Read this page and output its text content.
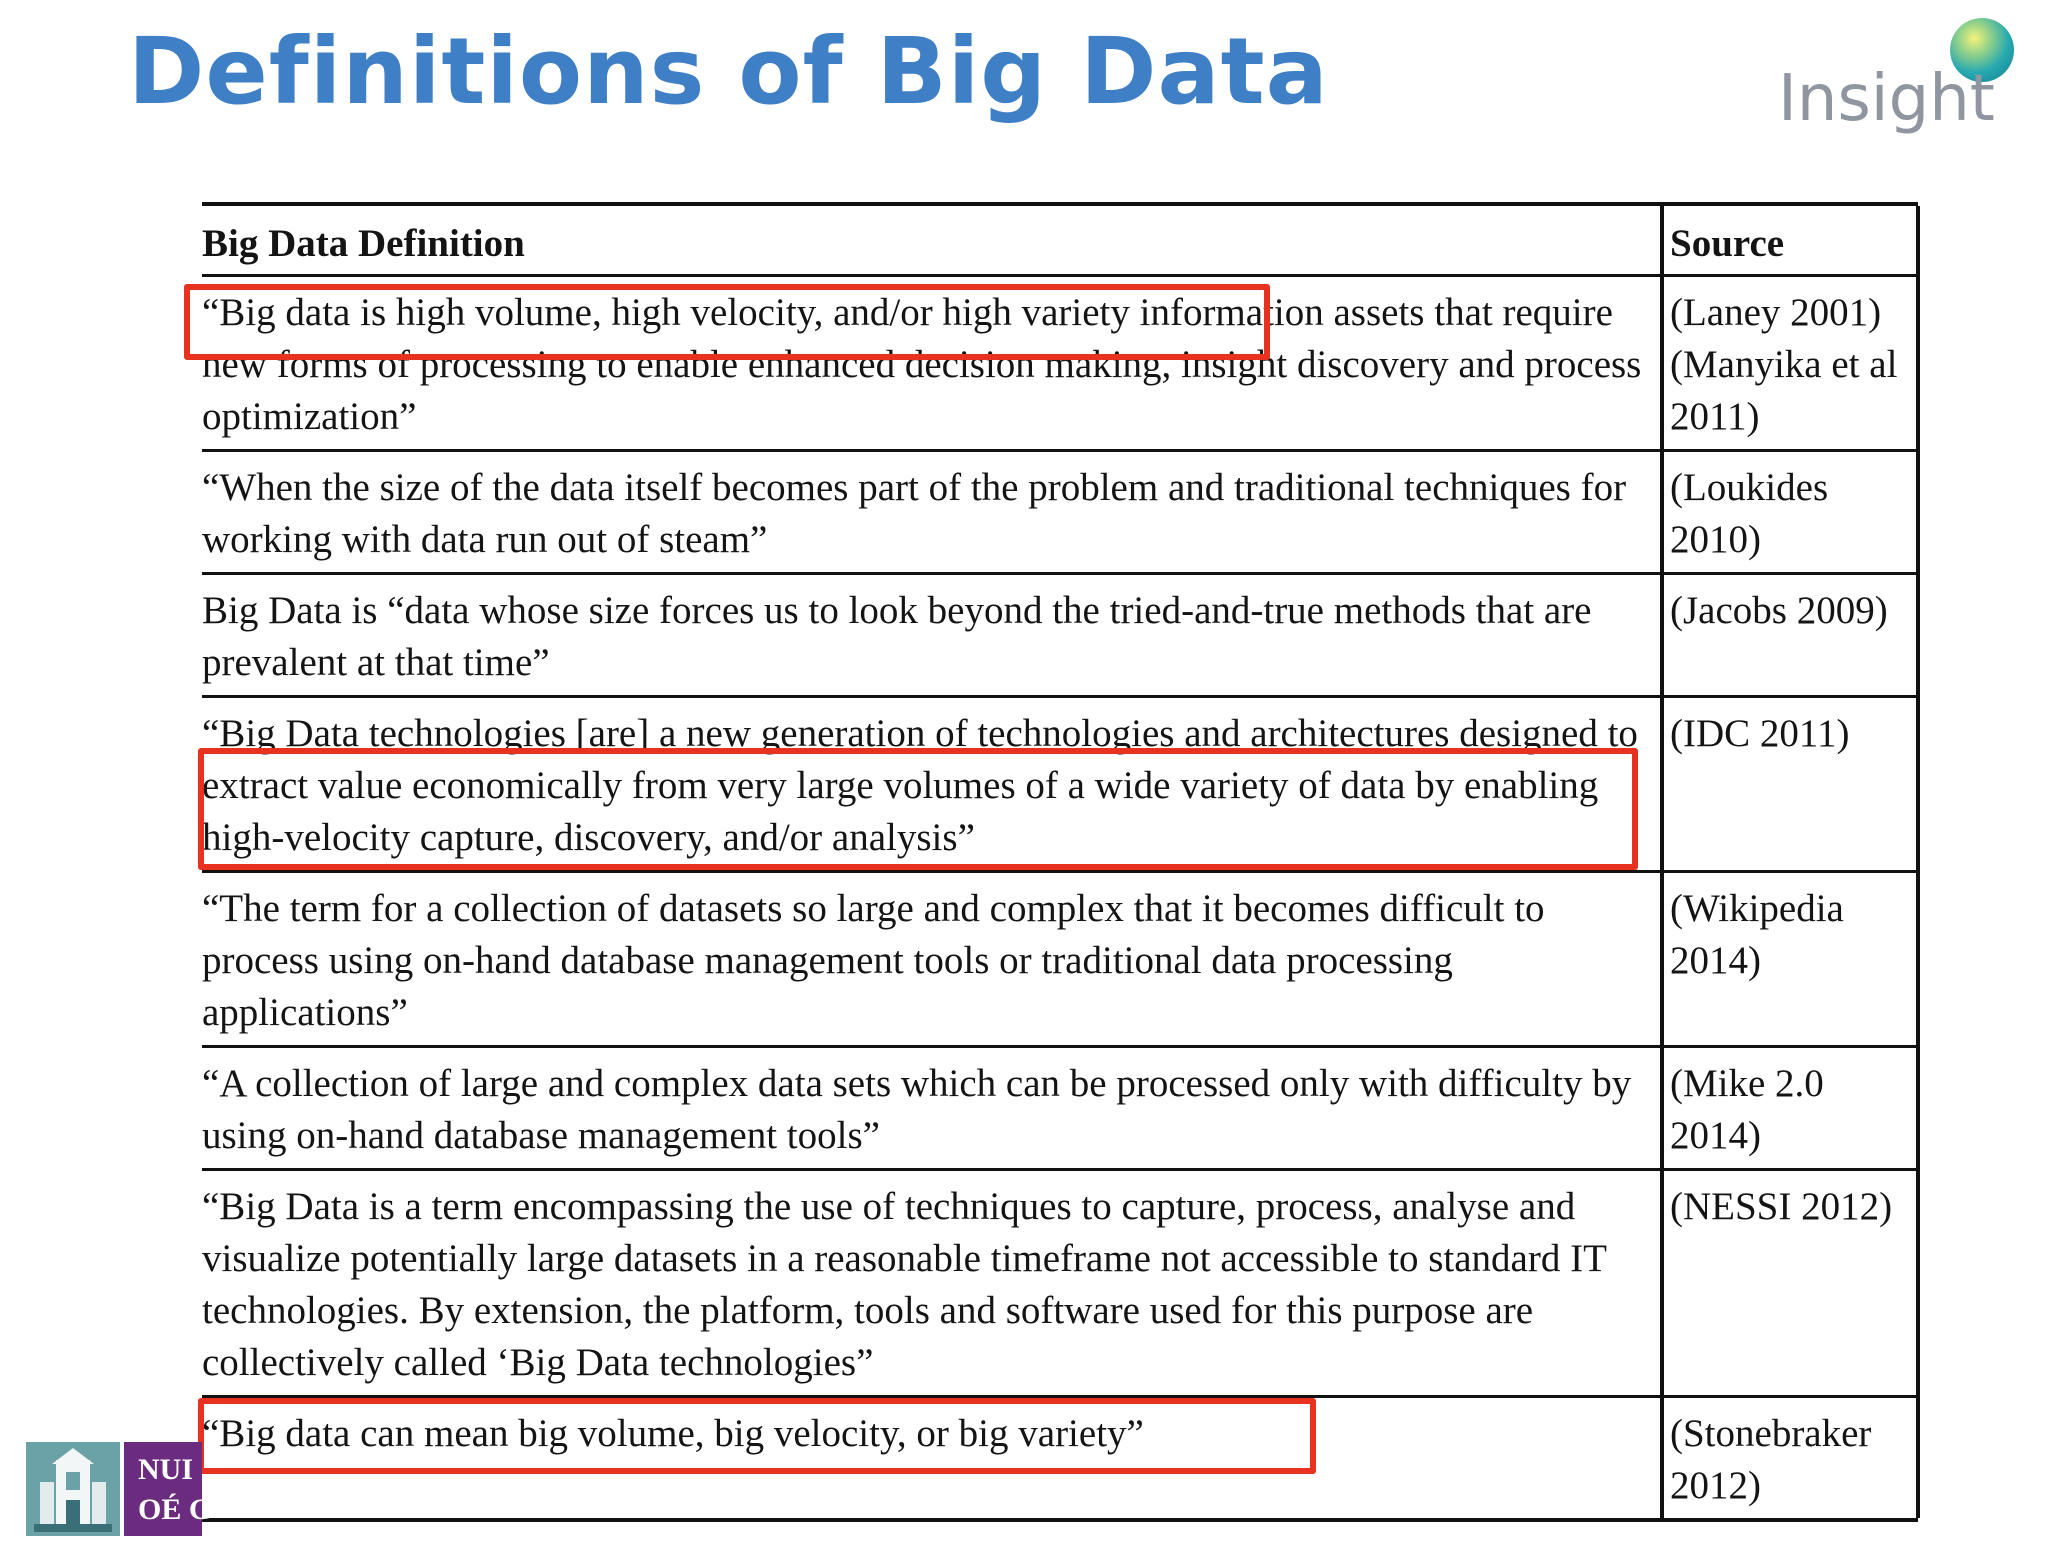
Definitions of Big Data	Insight
Big Data Definition	Source
“Big data is high volume, high velocity, and/or high variety information assets that require new forms of processing to enable enhanced decision making, insight discovery and process optimization”	(Laney 2001) (Manyika et al 2011)
“When the size of the data itself becomes part of the problem and traditional techniques for working with data run out of steam”	(Loukides 2010)
Big Data is “data whose size forces us to look beyond the tried-and-true methods that are prevalent at that time”	(Jacobs 2009)
“Big Data technologies [are] a new generation of technologies and architectures designed to extract value economically from very large volumes of a wide variety of data by enabling high-velocity capture, discovery, and/or analysis”	(IDC 2011)
“The term for a collection of datasets so large and complex that it becomes difficult to process using on-hand database management tools or traditional data processing applications”	(Wikipedia 2014)
“A collection of large and complex data sets which can be processed only with difficulty by using on-hand database management tools”	(Mike 2.0 2014)
“Big Data is a term encompassing the use of techniques to capture, process, analyse and visualize potentially large datasets in a reasonable timeframe not accessible to standard IT technologies. By extension, the platform, tools and software used for this purpose are collectively called ‘Big Data technologies”	(NESSI 2012)
“Big data can mean big volume, big velocity, or big variety”	(Stonebraker 2012)
NUI
OÉ G
